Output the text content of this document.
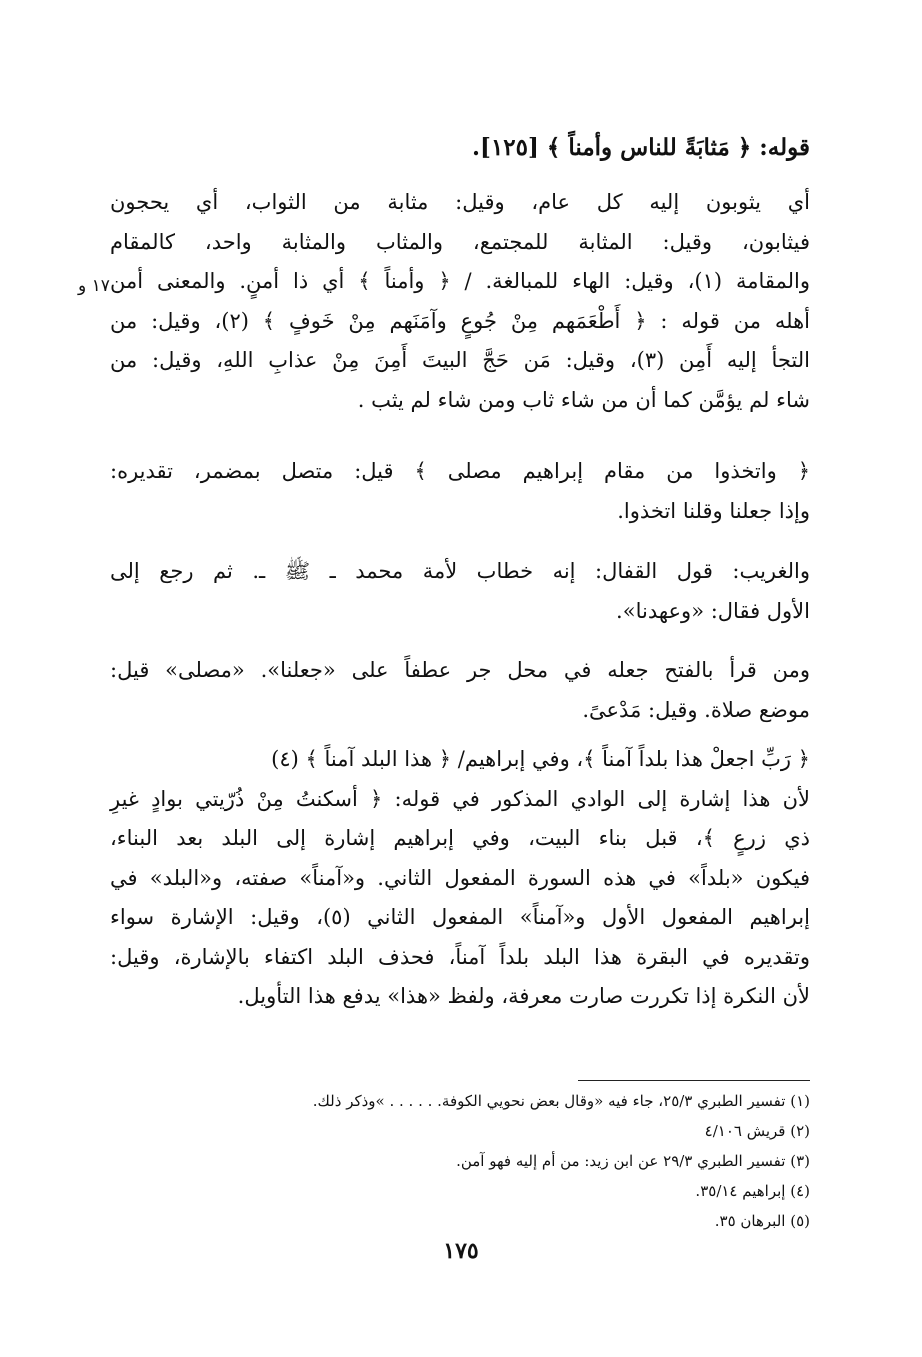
قوله: ﴿ مَثابَةً للناس وأمناً ﴾ [١٢٥].
١٧ و
أي يثوبون إليه كل عام، وقيل: مثابة من الثواب، أي يحجون
فيثابون، وقيل: المثابة للمجتمع، والمثاب والمثابة واحد، كالمقام
والمقامة (١)، وقيل: الهاء للمبالغة. / ﴿ وأمناً ﴾ أي ذا أمنٍ. والمعنى أمن
أهله من قوله : ﴿ أَطْعَمَهم مِنْ جُوعٍ وآمَنَهم مِنْ خَوفٍ ﴾ (٢)، وقيل: من
التجأ إليه أَمِن (٣)، وقيل: مَن حَجَّ البيتَ أَمِنَ مِنْ عذابِ اللهِ، وقيل: من
شاء لم يؤمَّن كما أن من شاء ثاب ومن شاء لم يثب .
﴿ واتخذوا من مقام إبراهيم مصلى ﴾ قيل: متصل بمضمر، تقديره:
وإذا جعلنا وقلنا اتخذوا.
والغريب: قول القفال: إنه خطاب لأمة محمد ـ ﷺ ـ. ثم رجع إلى
الأول فقال: «وعهدنا».
ومن قرأ بالفتح جعله في محل جر عطفاً على «جعلنا». «مصلى» قيل:
موضع صلاة. وقيل: مَدْعىً.
﴿ رَبِّ اجعلْ هذا بلداً آمناً ﴾، وفي إبراهيم/ ﴿ هذا البلد آمناً ﴾ (٤)
لأن هذا إشارة إلى الوادي المذكور في قوله: ﴿ أسكنتُ مِنْ ذُرّيتي بوادٍ غيرِ
ذي زرعٍ ﴾، قبل بناء البيت، وفي إبراهيم إشارة إلى البلد بعد البناء،
فيكون «بلداً» في هذه السورة المفعول الثاني. و«آمناً» صفته، و«البلد» في
إبراهيم المفعول الأول و«آمناً» المفعول الثاني (٥)، وقيل: الإشارة سواء
وتقديره في البقرة هذا البلد بلداً آمناً، فحذف البلد اكتفاء بالإشارة، وقيل:
لأن النكرة إذا تكررت صارت معرفة، ولفظ «هذا» يدفع هذا التأويل.
(١) تفسير الطبري ٢٥/٣، جاء فيه «وقال بعض نحويي الكوفة. . . . . . »وذكر ذلك.
(٢) قريش ٤/١٠٦
(٣) تفسير الطبري ٢٩/٣ عن ابن زيد: من أم إليه فهو آمن.
(٤) إبراهيم ٣٥/١٤.
(٥) البرهان ٣٥.
١٧٥
